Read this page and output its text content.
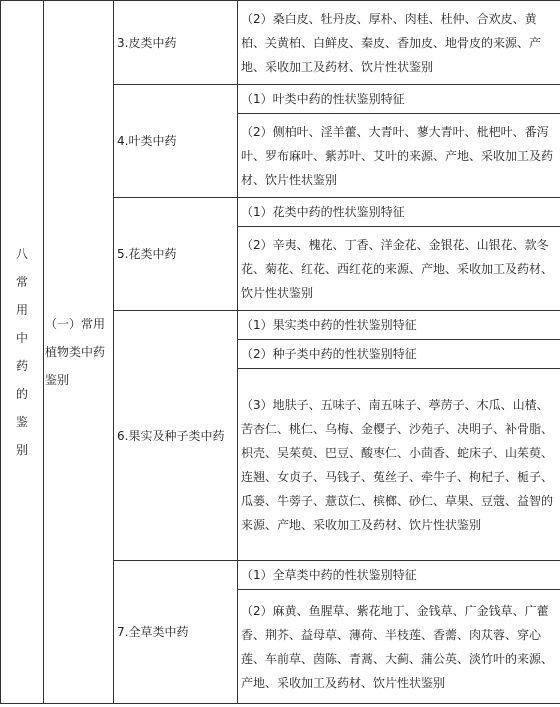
八常用中药的鉴别	（一）常用植物类中药鉴别	3.皮类中药	（2）桑白皮、牡丹皮、厚朴、肉桂、杜仲、合欢皮、黄柏、关黄柏、白鲜皮、秦皮、香加皮、地骨皮的来源、产地、采收加工及药材、饮片性状鉴别
		4.叶类中药	（1）叶类中药的性状鉴别特征
			（2）侧柏叶、淫羊藿、大青叶、蓼大青叶、枇杷叶、番泻叶、罗布麻叶、紫苏叶、艾叶的来源、产地、采收加工及药材、饮片性状鉴别
		5.花类中药	（1）花类中药的性状鉴别特征
			（2）辛夷、槐花、丁香、洋金花、金银花、山银花、款冬花、菊花、红花、西红花的来源、产地、采收加工及药材、饮片性状鉴别
		6.果实及种子类中药	（1）果实类中药的性状鉴别特征
			（2）种子类中药的性状鉴别特征
			（3）地肤子、五味子、南五味子、葶苈子、木瓜、山楂、苦杏仁、桃仁、乌梅、金樱子、沙苑子、决明子、补骨脂、枳壳、吴茱萸、巴豆、酸枣仁、小茴香、蛇床子、山茱萸、连翘、女贞子、马钱子、菟丝子、牵牛子、枸杞子、栀子、瓜蒌、牛蒡子、薏苡仁、槟榔、砂仁、草果、豆蔻、益智的来源、产地、采收加工及药材、饮片性状鉴别
		7.全草类中药	（1）全草类中药的性状鉴别特征
			（2）麻黄、鱼腥草、紫花地丁、金钱草、广金钱草、广藿香、荆芥、益母草、薄荷、半枝莲、香薷、肉苁蓉、穿心莲、车前草、茵陈、青蒿、大蓟、蒲公英、淡竹叶的来源、产地、采收加工及药材、饮片性状鉴别
